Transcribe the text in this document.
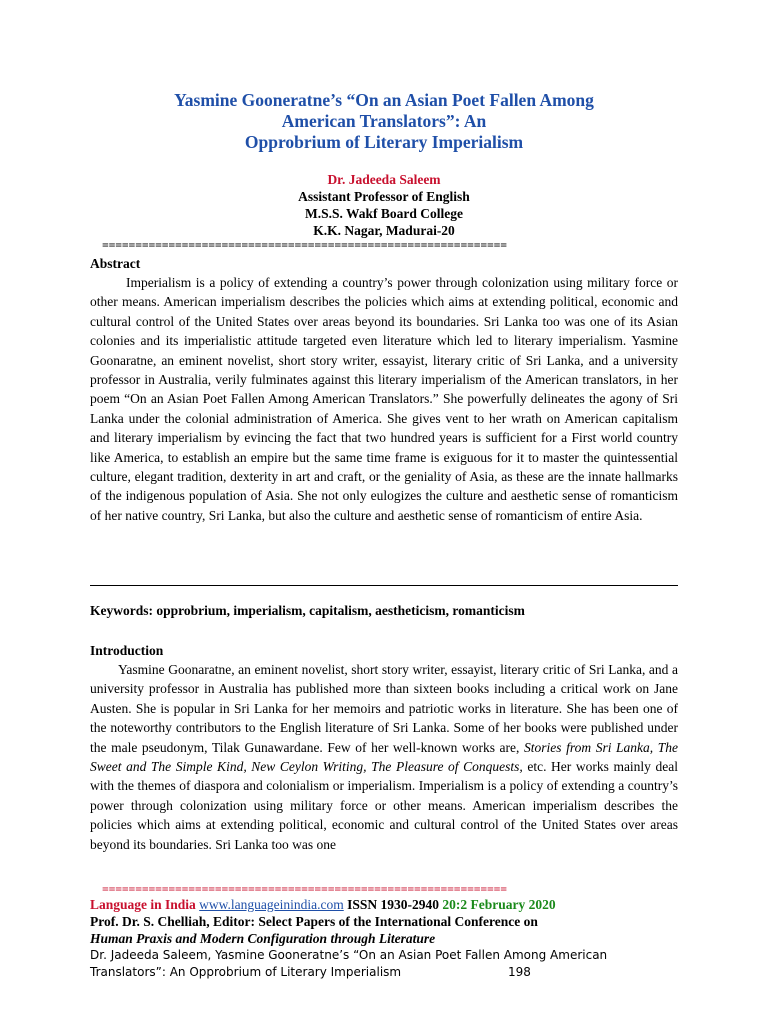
Yasmine Gooneratne’s “On an Asian Poet Fallen Among
American Translators”: An
Opprobrium of Literary Imperialism
Dr. Jadeeda Saleem
Assistant Professor of English
M.S.S. Wakf Board College
K.K. Nagar, Madurai-20
=============================================================
Abstract

Imperialism is a policy of extending a country’s power through colonization using military force or other means. American imperialism describes the policies which aims at extending political, economic and cultural control of the United States over areas beyond its boundaries. Sri Lanka too was one of its Asian colonies and its imperialistic attitude targeted even literature which led to literary imperialism. Yasmine Goonaratne, an eminent novelist, short story writer, essayist, literary critic of Sri Lanka, and a university professor in Australia, verily fulminates against this literary imperialism of the American translators, in her poem “On an Asian Poet Fallen Among American Translators.” She powerfully delineates the agony of Sri Lanka under the colonial administration of America. She gives vent to her wrath on American capitalism and literary imperialism by evincing the fact that two hundred years is sufficient for a First world country like America, to establish an empire but the same time frame is exiguous for it to master the quintessential culture, elegant tradition, dexterity in art and craft, or the geniality of Asia, as these are the innate hallmarks of the indigenous population of Asia. She not only eulogizes the culture and aesthetic sense of romanticism of her native country, Sri Lanka, but also the culture and aesthetic sense of romanticism of entire Asia.

Keywords: opprobrium, imperialism, capitalism, aestheticism, romanticism
Introduction

Yasmine Goonaratne, an eminent novelist, short story writer, essayist, literary critic of Sri Lanka, and a university professor in Australia has published more than sixteen books including a critical work on Jane Austen. She is popular in Sri Lanka for her memoirs and patriotic works in literature. She has been one of the noteworthy contributors to the English literature of Sri Lanka. Some of her books were published under the male pseudonym, Tilak Gunawardane. Few of her well-known works are, Stories from Sri Lanka, The Sweet and The Simple Kind, New Ceylon Writing, The Pleasure of Conquests, etc. Her works mainly deal with the themes of diaspora and colonialism or imperialism. Imperialism is a policy of extending a country’s power through colonization using military force or other means. American imperialism describes the policies which aims at extending political, economic and cultural control of the United States over areas beyond its boundaries. Sri Lanka too was one

=============================================================
Language in India www.languageinindia.com ISSN 1930-2940 20:2 February 2020
Prof. Dr. S. Chelliah, Editor: Select Papers of the International Conference on
Human Praxis and Modern Configuration through Literature
Dr. Jadeeda Saleem, Yasmine Gooneratne’s “On an Asian Poet Fallen Among American
Translators”: An Opprobrium of Literary Imperialism	198
